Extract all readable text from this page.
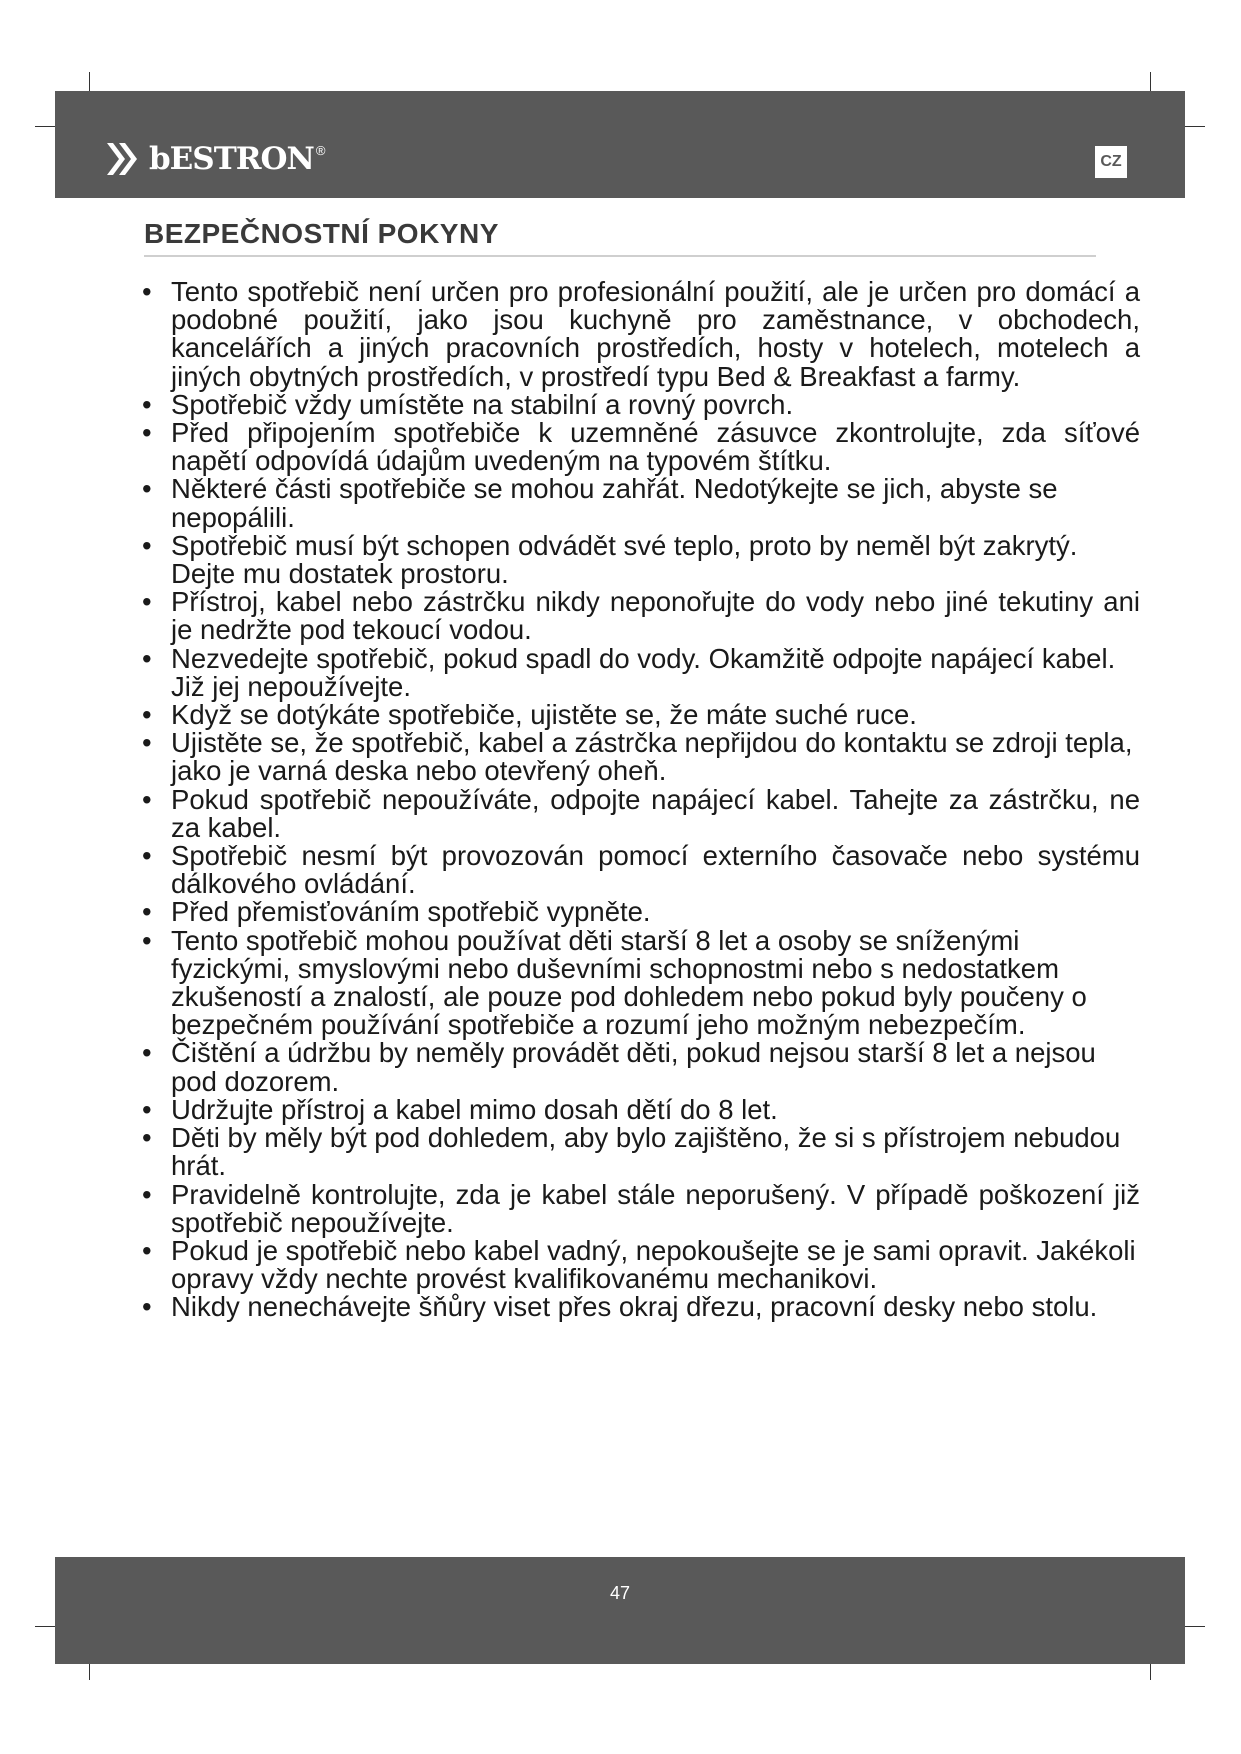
bESTRON ®
CZ
BEZPEČNOSTNÍ POKYNY
• Tento spotřebič není určen pro profesionální použití, ale je určen pro domácí a podobné použití, jako jsou kuchyně pro zaměstnance, v obchodech, kancelářích a jiných pracovních prostředích, hosty v hotelech, motelech a jiných obytných prostředích, v prostředí typu Bed & Breakfast a farmy.
• Spotřebič vždy umístěte na stabilní a rovný povrch.
• Před připojením spotřebiče k uzemněné zásuvce zkontrolujte, zda síťové napětí odpovídá údajům uvedeným na typovém štítku.
• Některé části spotřebiče se mohou zahřát. Nedotýkejte se jich, abyste se nepopálili.
• Spotřebič musí být schopen odvádět své teplo, proto by neměl být zakrytý. Dejte mu dostatek prostoru.
• Přístroj, kabel nebo zástrčku nikdy neponořujte do vody nebo jiné tekutiny ani je nedržte pod tekoucí vodou.
• Nezvedejte spotřebič, pokud spadl do vody. Okamžitě odpojte napájecí kabel. Již jej nepoužívejte.
• Když se dotýkáte spotřebiče, ujistěte se, že máte suché ruce.
• Ujistěte se, že spotřebič, kabel a zástrčka nepřijdou do kontaktu se zdroji tepla, jako je varná deska nebo otevřený oheň.
• Pokud spotřebič nepoužíváte, odpojte napájecí kabel. Tahejte za zástrčku, ne za kabel.
• Spotřebič nesmí být provozován pomocí externího časovače nebo systému dálkového ovládání.
• Před přemisťováním spotřebič vypněte.
• Tento spotřebič mohou používat děti starší 8 let a osoby se sníženými fyzickými, smyslovými nebo duševními schopnostmi nebo s nedostatkem zkušeností a znalostí, ale pouze pod dohledem nebo pokud byly poučeny o bezpečném používání spotřebiče a rozumí jeho možným nebezpečím.
• Čištění a údržbu by neměly provádět děti, pokud nejsou starší 8 let a nejsou pod dozorem.
• Udržujte přístroj a kabel mimo dosah dětí do 8 let.
• Děti by měly být pod dohledem, aby bylo zajištěno, že si s přístrojem nebudou hrát.
• Pravidelně kontrolujte, zda je kabel stále neporušený. V případě poškození již spotřebič nepoužívejte.
• Pokud je spotřebič nebo kabel vadný, nepokoušejte se je sami opravit. Jakékoli opravy vždy nechte provést kvalifikovanému mechanikovi.
• Nikdy nenechávejte šňůry viset přes okraj dřezu, pracovní desky nebo stolu.
47
